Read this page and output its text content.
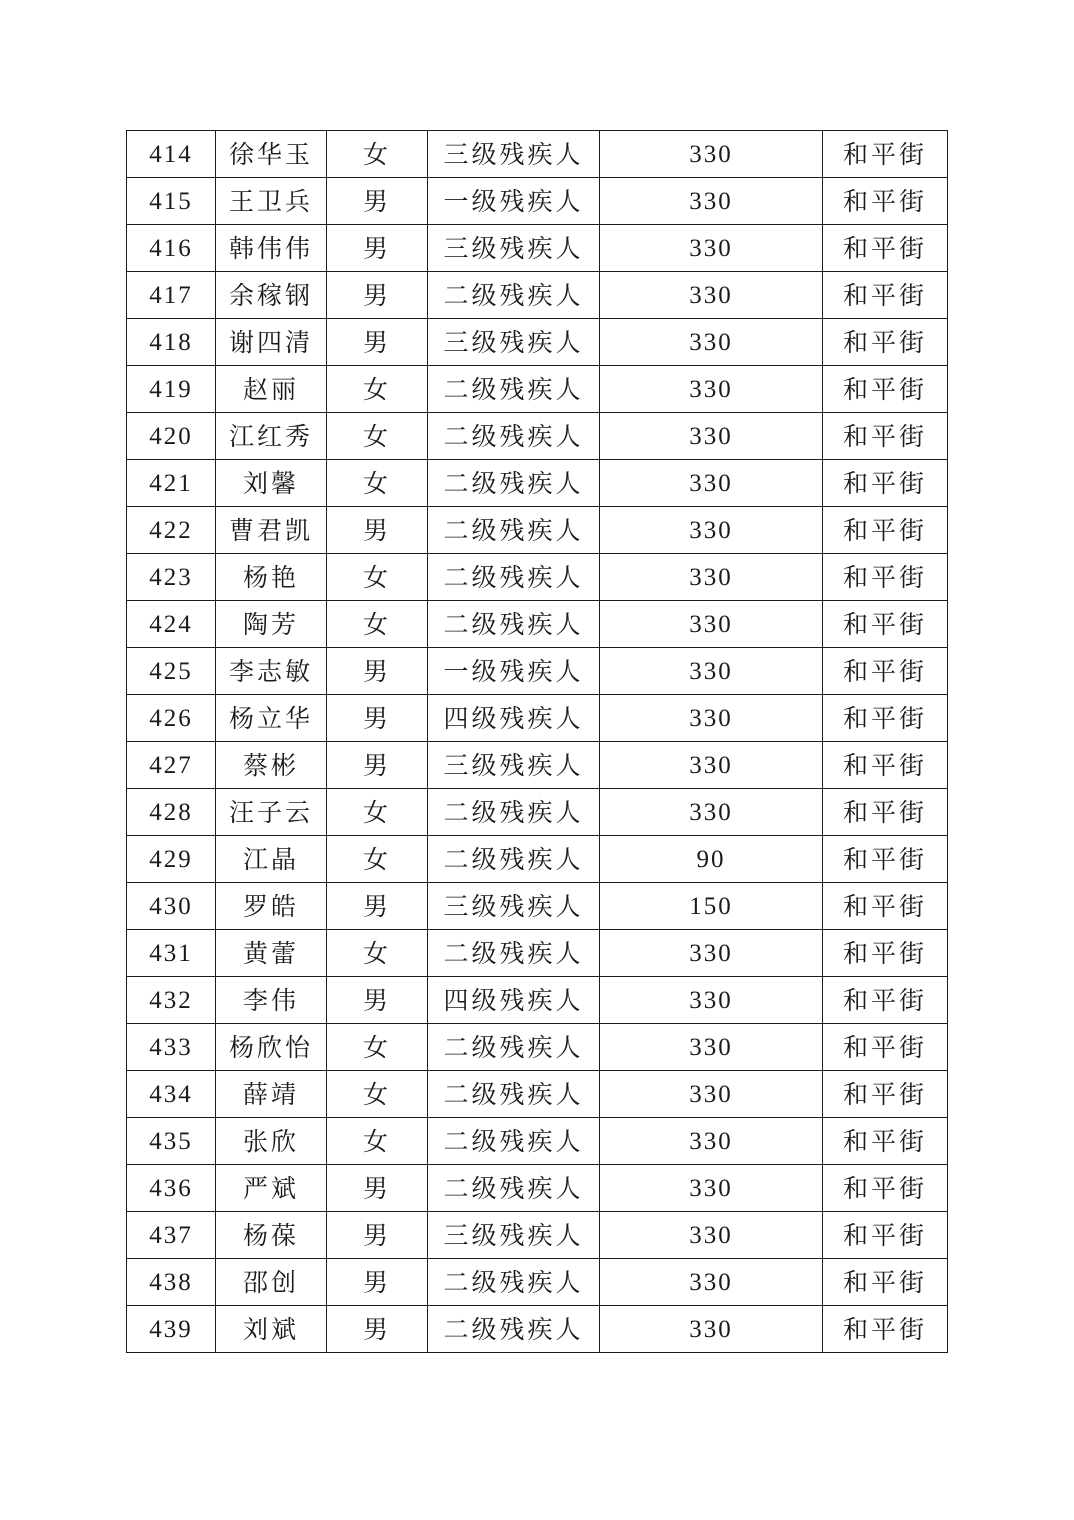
414	徐华玉	女	三级残疾人	330	和平街
415	王卫兵	男	一级残疾人	330	和平街
416	韩伟伟	男	三级残疾人	330	和平街
417	余稼钢	男	二级残疾人	330	和平街
418	谢四清	男	三级残疾人	330	和平街
419	赵丽	女	二级残疾人	330	和平街
420	江红秀	女	二级残疾人	330	和平街
421	刘馨	女	二级残疾人	330	和平街
422	曹君凯	男	二级残疾人	330	和平街
423	杨艳	女	二级残疾人	330	和平街
424	陶芳	女	二级残疾人	330	和平街
425	李志敏	男	一级残疾人	330	和平街
426	杨立华	男	四级残疾人	330	和平街
427	蔡彬	男	三级残疾人	330	和平街
428	汪子云	女	二级残疾人	330	和平街
429	江晶	女	二级残疾人	90	和平街
430	罗皓	男	三级残疾人	150	和平街
431	黄蕾	女	二级残疾人	330	和平街
432	李伟	男	四级残疾人	330	和平街
433	杨欣怡	女	二级残疾人	330	和平街
434	薛靖	女	二级残疾人	330	和平街
435	张欣	女	二级残疾人	330	和平街
436	严斌	男	二级残疾人	330	和平街
437	杨葆	男	三级残疾人	330	和平街
438	邵创	男	二级残疾人	330	和平街
439	刘斌	男	二级残疾人	330	和平街
